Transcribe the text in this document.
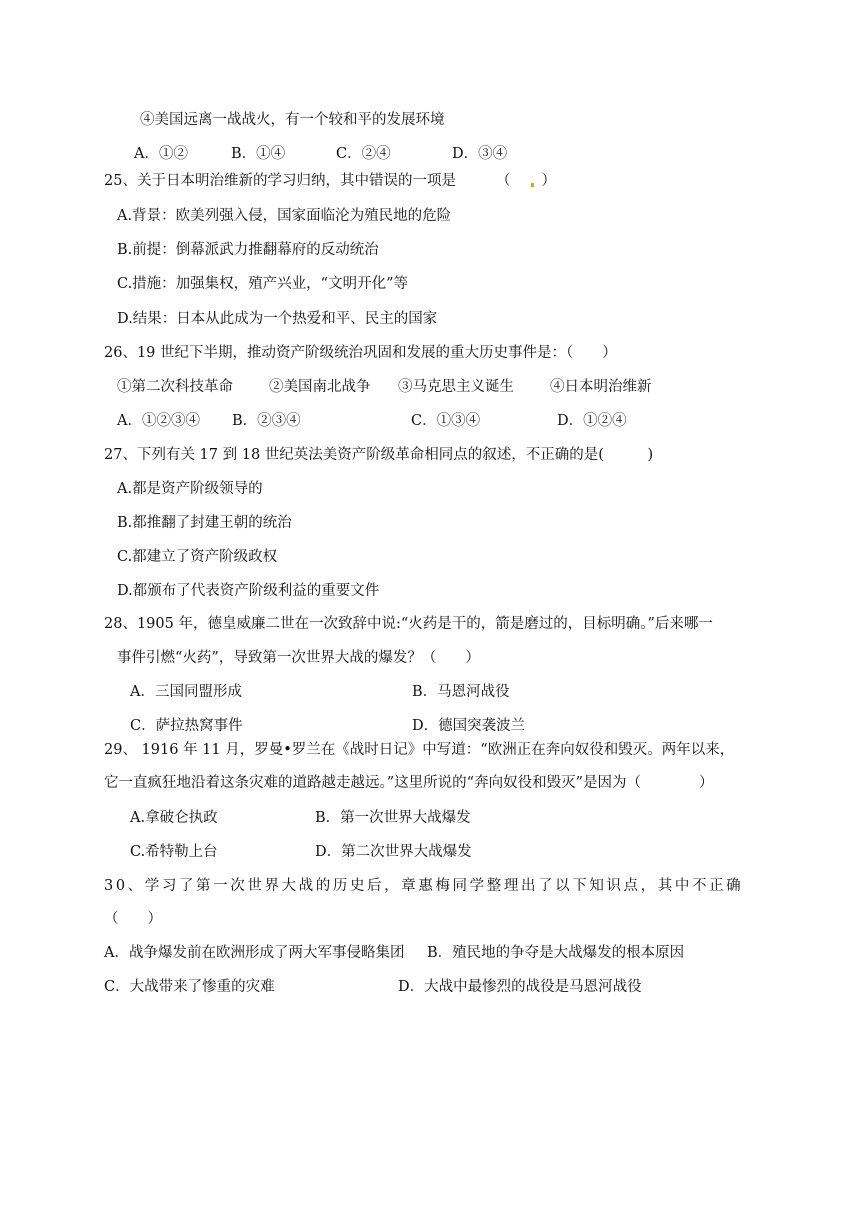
④美国远离一战战火，有一个较和平的发展环境
A．①②	B．①④	C．②④	D．③④
25、关于日本明治维新的学习归纳，其中错误的一项是	（ ）
A.背景：欧美列强入侵，国家面临沦为殖民地的危险
B.前提：倒幕派武力推翻幕府的反动统治
C.措施：加强集权，殖产兴业，“文明开化”等
D.结果：日本从此成为一个热爱和平、民主的国家
26、19 世纪下半期，推动资产阶级统治巩固和发展的重大历史事件是：（　　）
①第二次科技革命 ②美国南北战争 ③马克思主义诞生 ④日本明治维新
A．①②③④ B．②③④	C．①③④	D．①②④
27、下列有关 17 到 18 世纪英法美资产阶级革命相同点的叙述，不正确的是(　　　)
A.都是资产阶级领导的
B.都推翻了封建王朝的统治
C.都建立了资产阶级政权
D.都颁布了代表资产阶级利益的重要文件
28、1905 年，德皇威廉二世在一次致辞中说:“火药是干的，箭是磨过的，目标明确。”后来哪一
事件引燃“火药”，导致第一次世界大战的爆发？（　　）
A．三国同盟形成	B．马恩河战役
C．萨拉热窝事件	D．德国突袭波兰
29、 1916 年 11 月，罗曼•罗兰在《战时日记》中写道：“欧洲正在奔向奴役和毁灭。两年以来，
它一直疯狂地沿着这条灾难的道路越走越远。”这里所说的“奔向奴役和毁灭”是因为（　　　　）
A.拿破仑执政	B．第一次世界大战爆发
C.希特勒上台	D．第二次世界大战爆发
30、学习了第一次世界大战的历史后，章惠梅同学整理出了以下知识点，其中不正确
（　　）
A．战争爆发前在欧洲形成了两大军事侵略集团 B．殖民地的争夺是大战爆发的根本原因
C．大战带来了惨重的灾难	D．大战中最惨烈的战役是马恩河战役
